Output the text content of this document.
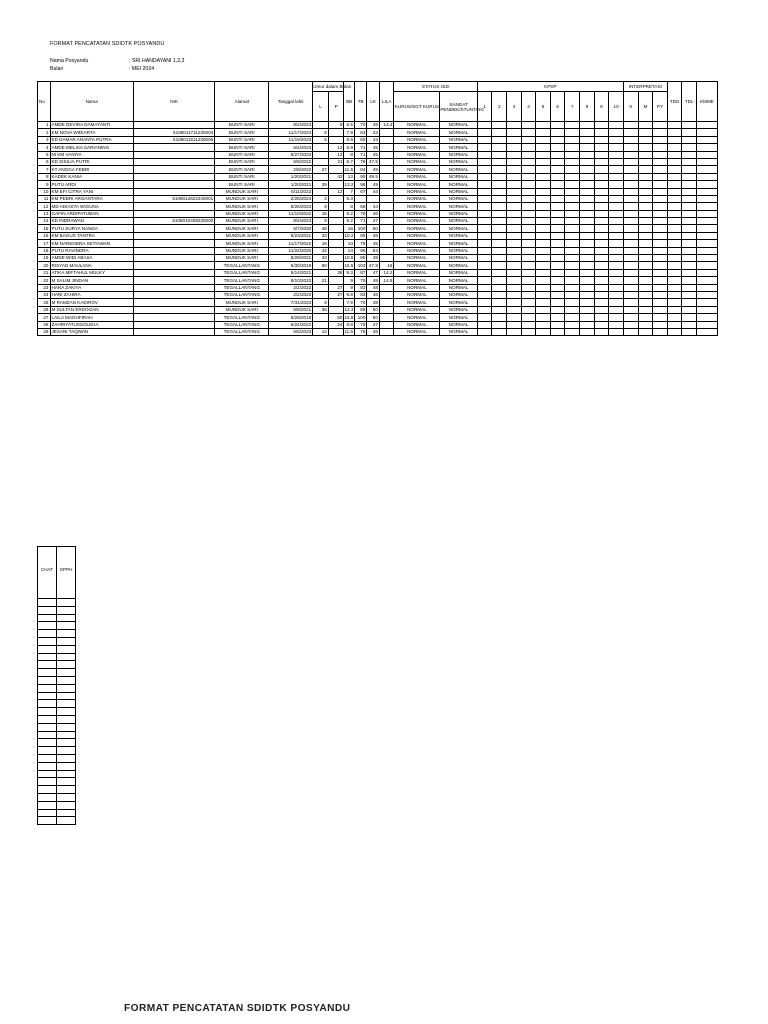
FORMAT PENCATATAN SDIDTK POSYANDU
Nama Posyandu	: SRI HANDAYANI 1,2,3
Bulan	: MEI 2024
No	Nama	NIK	Alamat	Tanggal lahir	Umur dalam Bulan		BB	TB	LK	LILA	STATUS GIZI		KPSP										INTERPRETASI			TDD	TDL	KMME
					L	P					KURUS/SGT KURUS	SANGAT PENDEK/STUNTING	1	2	3	4	5	6	7	8	9	10	S	M	PY			
1	AMDE DEVIRA DAMAYANTI		BUNTI SARI	8/2/2023		9	6.5	70	48	14.4	NORMAL	NORMAL																
2	KM NOVA WIDIARTA	5108011711230004	BUNTI SARI	11/17/2023	6		7.9	63	43		NORMAL	NORMAL																
3	KD DAMAR ANANTA PUTRA	5108011511230006	BUNTI SARI	11/15/2023	6		6.9	60	43		NORMAL	NORMAL																
4	AMDE MELISA SARIANING		BUNTI SARI	5/4/2023		12	6.9	71	45		NORMAL	NORMAL																
5	NI KM VANIYA		BUNTI SARI	5/27/2023		12	8	71	45		NORMAL	NORMAL																
6	KD SISILIA PUTRI		BUNTI SARI	6/8/2022		21	8.7	76	47.5		NORMAL	NORMAL																
7	KT ANGGA FEBRI		BUNTI SARI	2/8/2022	27		11.5	84	49		NORMAL	NORMAL																
8	KADEK KANIA		BUNTI SARI	1/20/2021		42	13	95	49.5		NORMAL	NORMAL																
9	PUTU ARDI		BUNTI SARI	1/20/2021	39		13.2	96	49		NORMAL	NORMAL																
10	KM EFI CITRA YANI		MUNDUK SARI	5/11/2023		12	7	67	44		NORMAL	NORMAL																
11	KM PEBRI ARGANTARA	5108012622240001	MUNDUK SARI	2/26/2024	3		6.3				NORMAL	NORMAL																
12	MD ADIASTA WIGUNA		MUNDUK SARI	8/26/2023	9		8	68	44		NORMAL	NORMAL																
13	GAFIN ARDIPATUBAN		MUNDUK SARI	11/10/2022	18		8.2	78	46		NORMAL	NORMAL																
14	KD INDRAWAN	5108010408230000	MUNDUK SARI	8/4/2023	9		9.2	71	47		NORMAL	NORMAL																
15	PUTU SURYA NANDA		MUNDUK SARI	5/7/2020	48		16	100	50		NORMAL	NORMAL																
16	KM BAGUS TANTRA		MUNDUK SARI	8/23/2021	33		10.2	85	48		NORMAL	NORMAL																
17	KM NARENDRA SETIAWAN		MUNDUK SARI	11/17/2022	18		10	79	45		NORMAL	NORMAL																
18	PUTU RAVINDRA		MUNDUK SARI	11/22/2020	42		14	96	53		NORMAL	NORMAL																
19	AMDE WIDI ABASA		MUNDUK SARI	8/29/2021	33		10.5	85	48		NORMAL	NORMAL																
20	RISYAD MAULANA		TEGALLANTANG	5/30/2019	60		15.5	103	47.8	16	NORMAL	NORMAL																
21	ATIKA MIFTAHUL MULKY		TEGALLANTANG	5/14/2021		36	9.3	87	47	14.2	NORMAL	NORMAL																
22	M SALIM JINDAN		TEGALLANTANG	8/10/2022	21		9	75	48	14.5	NORMAL	NORMAL																
23	HANA ZAKIYA		TEGALLANTANG	2/2/2022		27	9	83	48		NORMAL	NORMAL																
24	HANI ZAHIRA		TEGALLANTANG	2/2/2022		27	9.8	83	48		NORMAL	NORMAL																
25	M RAMZAN KADIROV		MUNDUK SARI	7/31/2023	9		7.9	70	48		NORMAL	NORMAL																
26	M SULTAN ERDOGAN		MUNDUK SARI	5/8/2021	36		12.3	88	50		NORMAL	NORMAL																
27	LAILA MAGHFIRAH		TEGALLANTANG	5/28/2019		60	15.8	100	50		NORMAL	NORMAL																
28	ZAHRIYATUSSOLEHA		TEGALLANTANG	5/24/2022		24	8.8	75	47		NORMAL	NORMAL																
29	JESANI TAQIWIN		TEGALLANTANG	5/6/2023	12		11.6	75	48		NORMAL	NORMAL																
CHAT	GPPH

FORMAT PENCATATAN SDIDTK POSYANDU
